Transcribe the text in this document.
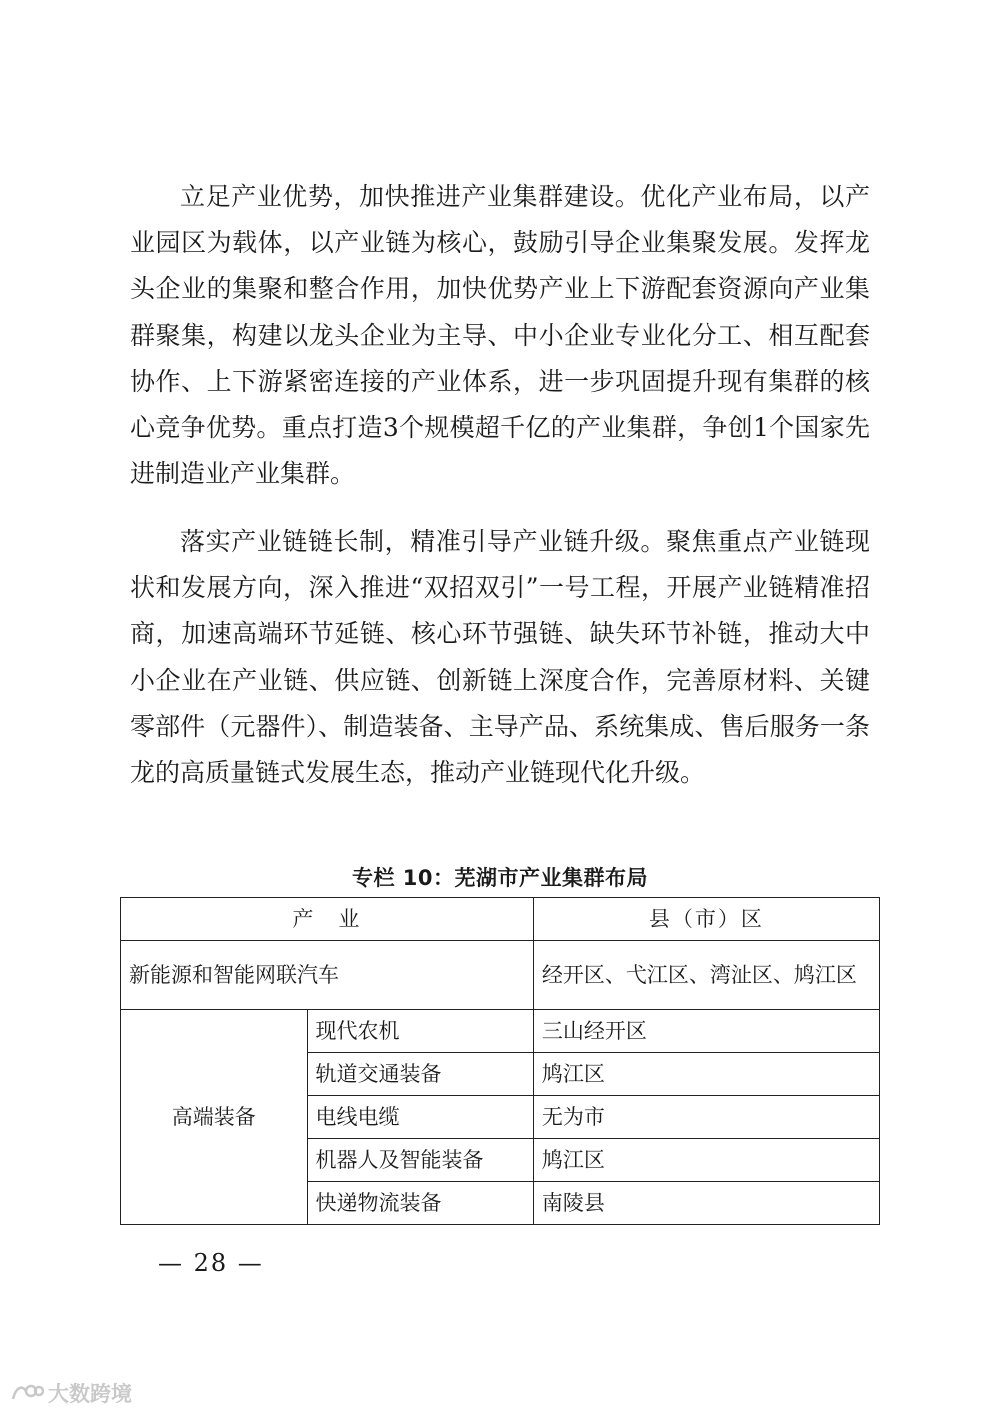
立足产业优势，加快推进产业集群建设。优化产业布局，以产业园区为载体，以产业链为核心，鼓励引导企业集聚发展。发挥龙头企业的集聚和整合作用，加快优势产业上下游配套资源向产业集群聚集，构建以龙头企业为主导、中小企业专业化分工、相互配套协作、上下游紧密连接的产业体系，进一步巩固提升现有集群的核心竞争优势。重点打造3个规模超千亿的产业集群，争创1个国家先进制造业产业集群。

落实产业链链长制，精准引导产业链升级。聚焦重点产业链现状和发展方向，深入推进“双招双引”一号工程，开展产业链精准招商，加速高端环节延链、核心环节强链、缺失环节补链，推动大中小企业在产业链、供应链、创新链上深度合作，完善原材料、关键零部件（元器件）、制造装备、主导产品、系统集成、售后服务一条龙的高质量链式发展生态，推动产业链现代化升级。

专栏 10：芜湖市产业集群布局
产　业		县（市）区
新能源和智能网联汽车		经开区、弋江区、湾沚区、鸠江区
高端装备	现代农机	三山经开区
	轨道交通装备	鸠江区
	电线电缆	无为市
	机器人及智能装备	鸠江区
	快递物流装备	南陵县
— 28 —
大数跨境
